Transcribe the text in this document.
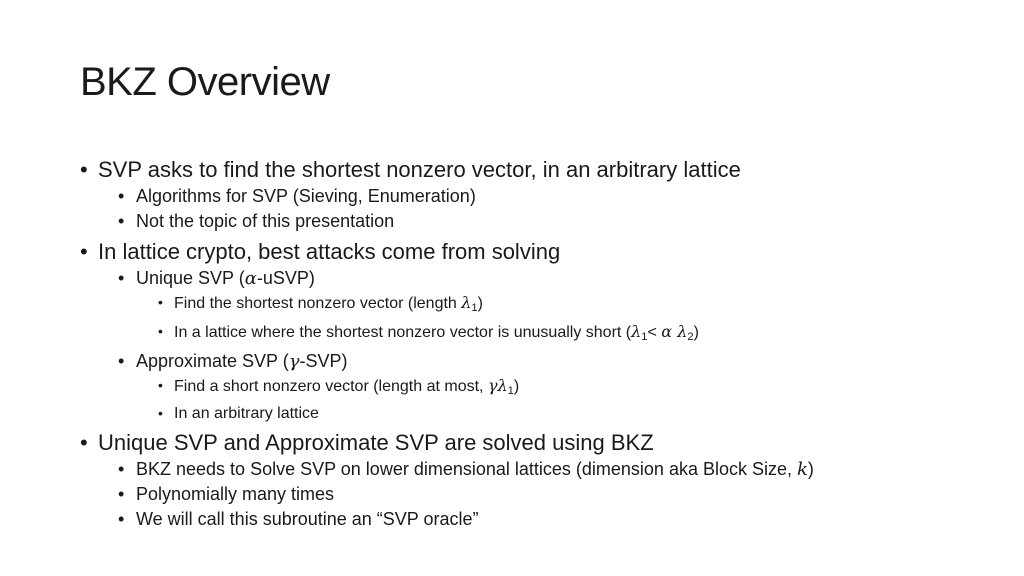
BKZ Overview
• SVP asks to find the shortest nonzero vector, in an arbitrary lattice
• Algorithms for SVP (Sieving, Enumeration)
• Not the topic of this presentation
• In lattice crypto, best attacks come from solving
• Unique SVP (α-uSVP)
• Find the shortest nonzero vector (length $\lambda_1$)
• In a lattice where the shortest nonzero vector is unusually short ($\lambda_1< \alpha$ $\lambda_2$)
• Approximate SVP (γ-SVP)
• Find a short nonzero vector (length at most, $\gamma\lambda_1$)
• In an arbitrary lattice
• Unique SVP and Approximate SVP are solved using BKZ
• BKZ needs to Solve SVP on lower dimensional lattices (dimension aka Block Size, k)
• Polynomially many times
• We will call this subroutine an “SVP oracle”
